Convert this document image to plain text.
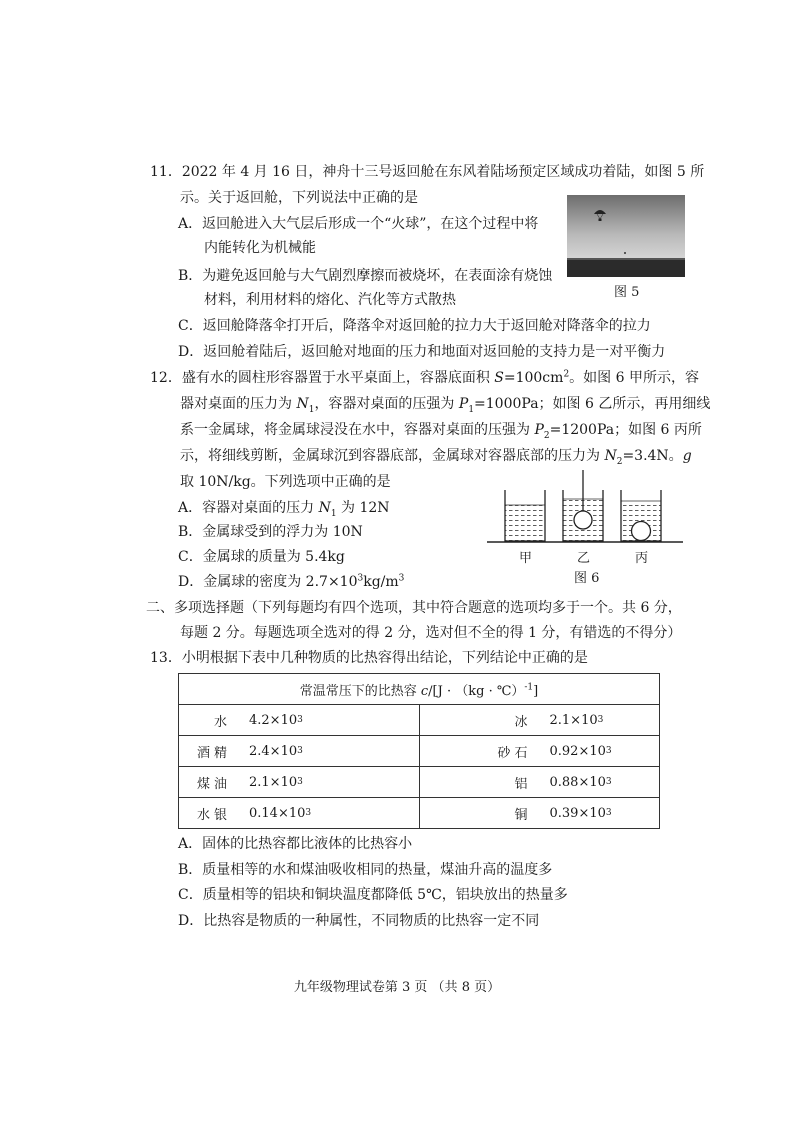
11．2022 年 4 月 16 日，神舟十三号返回舱在东风着陆场预定区域成功着陆，如图 5 所
示。关于返回舱，下列说法中正确的是
A．返回舱进入大气层后形成一个“火球”，在这个过程中将
内能转化为机械能
B．为避免返回舱与大气剧烈摩擦而被烧坏，在表面涂有烧蚀
材料，利用材料的熔化、汽化等方式散热
C．返回舱降落伞打开后，降落伞对返回舱的拉力大于返回舱对降落伞的拉力
D．返回舱着陆后，返回舱对地面的压力和地面对返回舱的支持力是一对平衡力
图 5
12．盛有水的圆柱形容器置于水平桌面上，容器底面积 $S=100cm^2$。如图 6 甲所示，容
器对桌面的压力为 $N_1$，容器对桌面的压强为 $P_1=1000Pa$；如图 6 乙所示，再用细线
系一金属球，将金属球浸没在水中，容器对桌面的压强为 $P_2=1200Pa$；如图 6 丙所
示，将细线剪断，金属球沉到容器底部，金属球对容器底部的压力为 $N_2=3.4N$。g
取 10N/kg。下列选项中正确的是
A．容器对桌面的压力 $N_1$ 为 12N
B．金属球受到的浮力为 10N
C．金属球的质量为 5.4kg
D．金属球的密度为 $2.7\times 10^3kg/m^3$
甲	乙	丙
图 6
二、多项选择题（下列每题均有四个选项，其中符合题意的选项均多于一个。共 6 分，
每题 2 分。每题选项全选对的得 2 分，选对但不全的得 1 分，有错选的不得分）
13．小明根据下表中几种物质的比热容得出结论，下列结论中正确的是
常温常压下的比热容 c/[J · （kg · ℃）$^{-1}$]	

水 4.2×10 3	冰 2.1×10 3

酒精 2.4×10 3	砂石 0.92×10 3

煤油 2.1×10 3	铝 0.88×10 3

水银 0.14×10 3	铜 0.39×10 3
A．固体的比热容都比液体的比热容小
B．质量相等的水和煤油吸收相同的热量，煤油升高的温度多
C．质量相等的铝块和铜块温度都降低 5℃，铝块放出的热量多
D．比热容是物质的一种属性，不同物质的比热容一定不同
九年级物理试卷第 3 页 （共 8 页）
